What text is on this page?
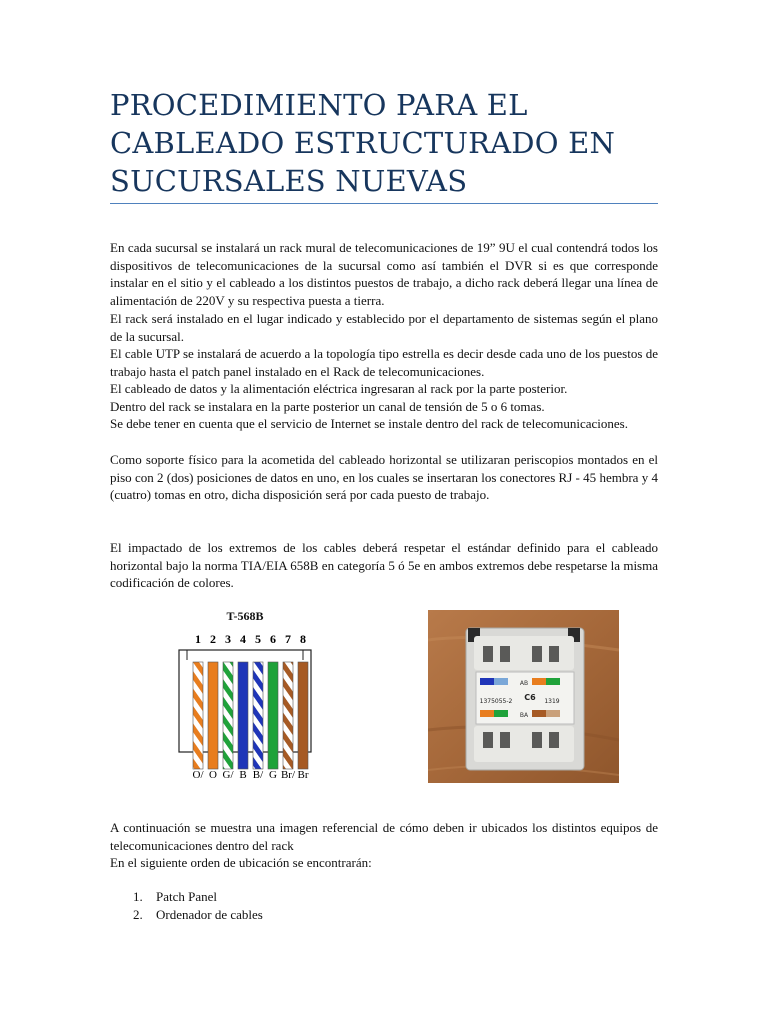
PROCEDIMIENTO PARA EL CABLEADO ESTRUCTURADO EN SUCURSALES NUEVAS
En cada sucursal se instalará un rack mural de telecomunicaciones de 19” 9U el cual contendrá todos los dispositivos de telecomunicaciones de la sucursal como así también el DVR si es que corresponde instalar en el sitio y el cableado a los distintos puestos de trabajo, a dicho rack deberá llegar una línea de alimentación de 220V y su respectiva puesta a tierra.
El rack será instalado en el lugar indicado y establecido por el departamento de sistemas según el plano de la sucursal.
El cable UTP se instalará de acuerdo a la topología tipo estrella es decir desde cada uno de los puestos de trabajo hasta el patch panel instalado en el Rack de telecomunicaciones.
El cableado de datos y la alimentación eléctrica ingresaran al rack por la parte posterior.
Dentro del rack se instalara en la parte posterior un canal de tensión de 5 o 6 tomas.
Se debe tener en cuenta que el servicio de Internet se instale dentro del rack de telecomunicaciones.
Como soporte físico para la acometida del cableado horizontal se utilizaran periscopios montados en el piso con 2 (dos) posiciones de datos en uno, en los cuales se insertaran los conectores RJ - 45 hembra y 4 (cuatro) tomas en otro, dicha disposición será por cada puesto de trabajo.
El impactado de los extremos de los cables deberá respetar el estándar definido para el cableado horizontal bajo la norma TIA/EIA 658B en categoría 5 ó 5e en ambos extremos debe respetarse la misma codificación de colores.
T-568B
1 2 3 4 5 6 7 8
O/ O G/ B B/ G Br/ Br
AB
1375055-2 C6 1319
BA
A continuación se muestra una imagen referencial de cómo deben ir ubicados los distintos equipos de telecomunicaciones dentro del rack
En el siguiente orden de ubicación se encontrarán:
1. Patch Panel
2. Ordenador de cables
